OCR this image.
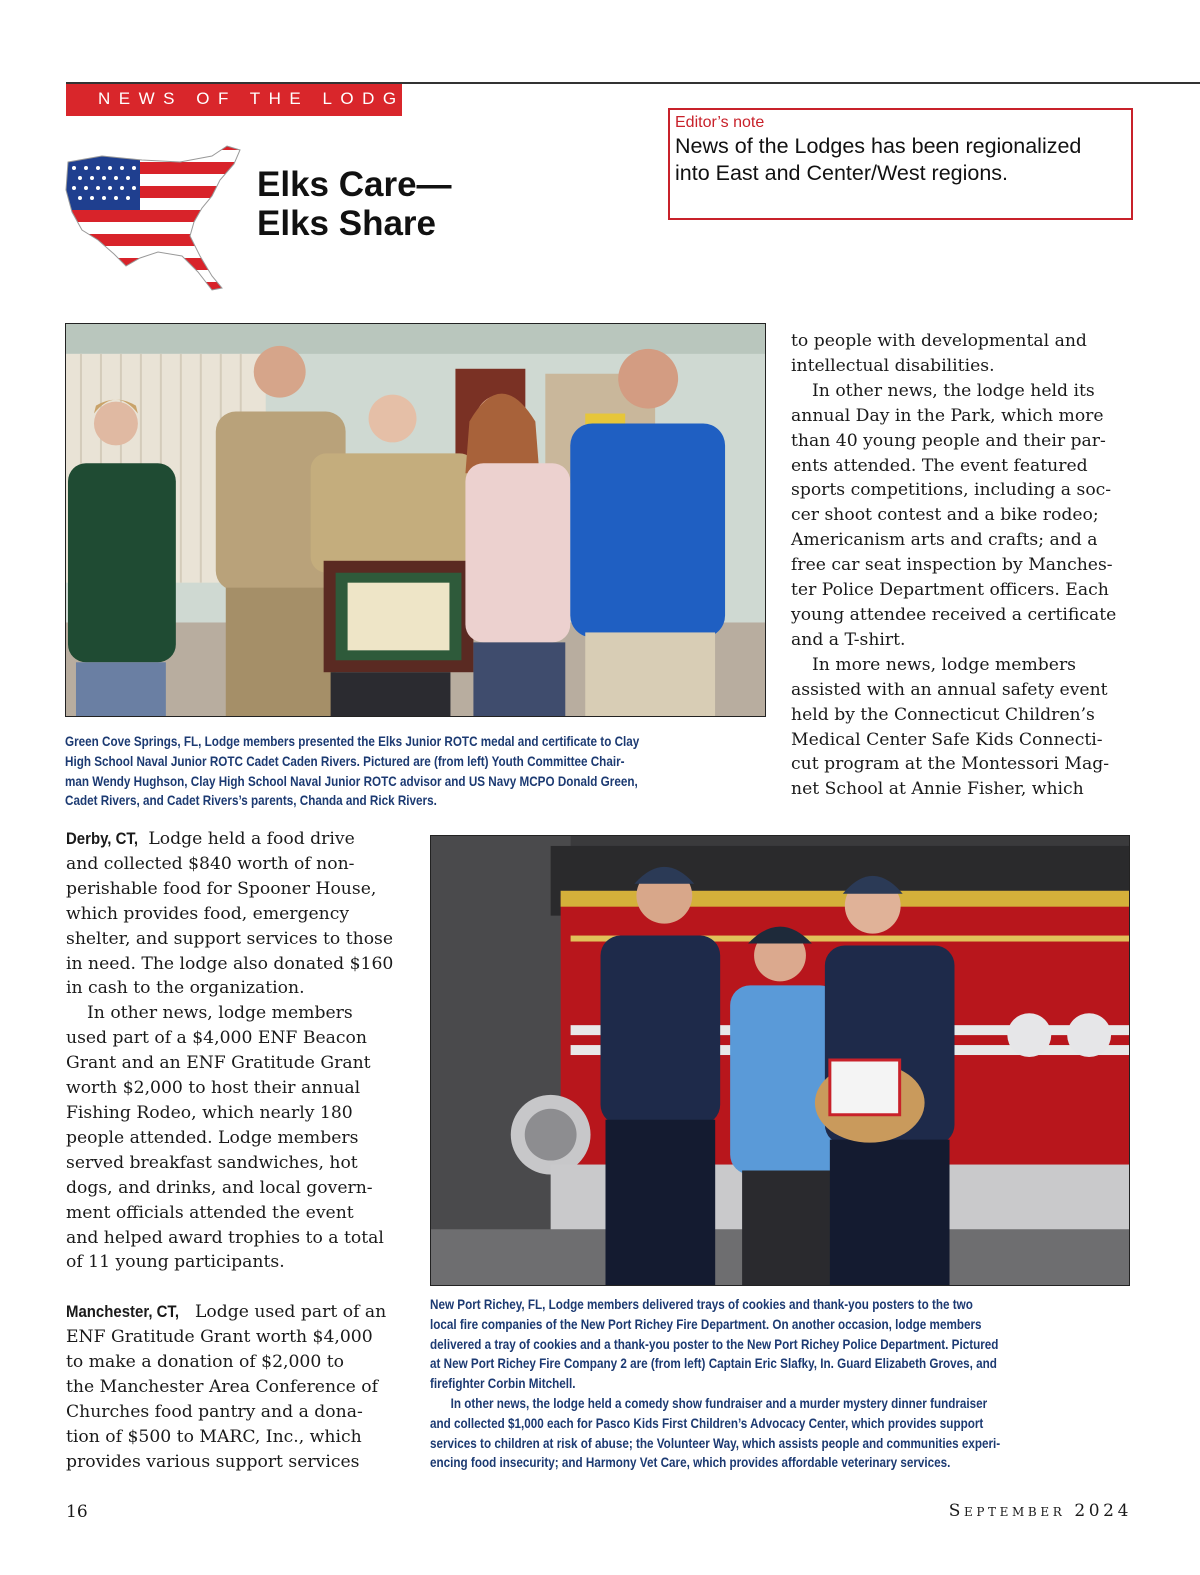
NEWS OF THE LODGES
Elks Care—
Elks Share
Editor’s note
News of the Lodges has been regionalized
into East and Center/West regions.
Green Cove Springs, FL, Lodge members presented the Elks Junior ROTC medal and certificate to Clay
High School Naval Junior ROTC Cadet Caden Rivers. Pictured are (from left) Youth Committee Chair-
man Wendy Hughson, Clay High School Naval Junior ROTC advisor and US Navy MCPO Donald Green,
Cadet Rivers, and Cadet Rivers’s parents, Chanda and Rick Rivers.
to people with developmental and
intellectual disabilities.
In other news, the lodge held its
annual Day in the Park, which more
than 40 young people and their par-
ents attended. The event featured
sports competitions, including a soc-
cer shoot contest and a bike rodeo;
Americanism arts and crafts; and a
free car seat inspection by Manches-
ter Police Department officers. Each
young attendee received a certificate
and a T-shirt.
In more news, lodge members
assisted with an annual safety event
held by the Connecticut Children’s
Medical Center Safe Kids Connecti-
cut program at the Montessori Mag-
net School at Annie Fisher, which
Derby, CT, Lodge held a food drive
and collected $840 worth of non-
perishable food for Spooner House,
which provides food, emergency
shelter, and support services to those
in need. The lodge also donated $160
in cash to the organization.
In other news, lodge members
used part of a $4,000 ENF Beacon
Grant and an ENF Gratitude Grant
worth $2,000 to host their annual
Fishing Rodeo, which nearly 180
people attended. Lodge members
served breakfast sandwiches, hot
dogs, and drinks, and local govern-
ment officials attended the event
and helped award trophies to a total
of 11 young participants.
Manchester, CT, Lodge used part of an
ENF Gratitude Grant worth $4,000
to make a donation of $2,000 to
the Manchester Area Conference of
Churches food pantry and a dona-
tion of $500 to MARC, Inc., which
provides various support services
New Port Richey, FL, Lodge members delivered trays of cookies and thank-you posters to the two
local fire companies of the New Port Richey Fire Department. On another occasion, lodge members
delivered a tray of cookies and a thank-you poster to the New Port Richey Police Department. Pictured
at New Port Richey Fire Company 2 are (from left) Captain Eric Slafky, In. Guard Elizabeth Groves, and
firefighter Corbin Mitchell.
In other news, the lodge held a comedy show fundraiser and a murder mystery dinner fundraiser
and collected $1,000 each for Pasco Kids First Children’s Advocacy Center, which provides support
services to children at risk of abuse; the Volunteer Way, which assists people and communities experi-
encing food insecurity; and Harmony Vet Care, which provides affordable veterinary services.
16	September 2024
